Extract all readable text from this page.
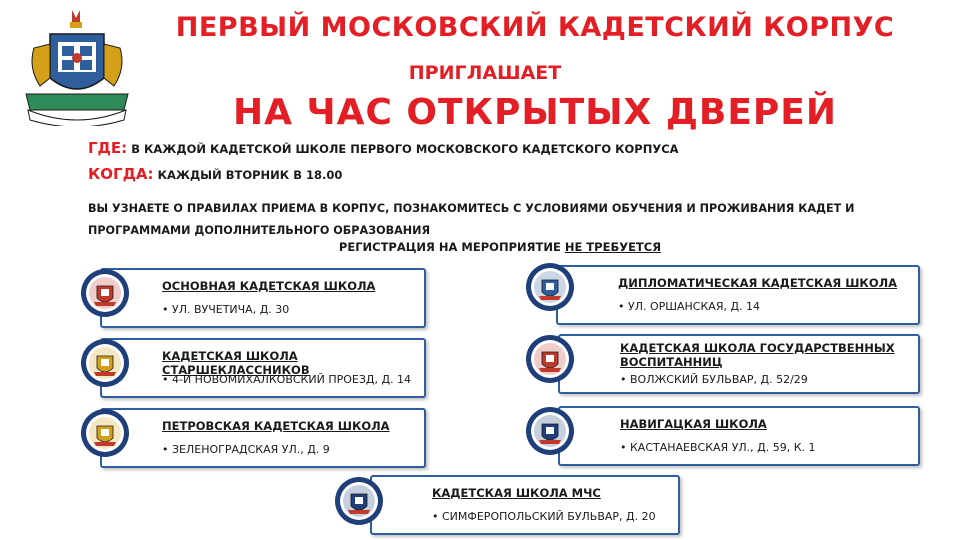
ПЕРВЫЙ МОСКОВСКИЙ КАДЕТСКИЙ КОРПУС
ПРИГЛАШАЕТ
НА ЧАС ОТКРЫТЫХ ДВЕРЕЙ
ГДЕ: В КАЖДОЙ КАДЕТСКОЙ ШКОЛЕ ПЕРВОГО МОСКОВСКОГО КАДЕТСКОГО КОРПУСА
КОГДА: КАЖДЫЙ ВТОРНИК В 18.00
ВЫ УЗНАЕТЕ О ПРАВИЛАХ ПРИЕМА В КОРПУС, ПОЗНАКОМИТЕСЬ С УСЛОВИЯМИ ОБУЧЕНИЯ И ПРОЖИВАНИЯ КАДЕТ И ПРОГРАММАМИ ДОПОЛНИТЕЛЬНОГО ОБРАЗОВАНИЯ
РЕГИСТРАЦИЯ НА МЕРОПРИЯТИЕ НЕ ТРЕБУЕТСЯ
ОСНОВНАЯ КАДЕТСКАЯ ШКОЛА
• УЛ. ВУЧЕТИЧА, Д. 30
ДИПЛОМАТИЧЕСКАЯ КАДЕТСКАЯ ШКОЛА
• УЛ. ОРШАНСКАЯ, Д. 14
КАДЕТСКАЯ ШКОЛА СТАРШЕКЛАССНИКОВ
• 4-Й НОВОМИХАЛКОВСКИЙ ПРОЕЗД, Д. 14
КАДЕТСКАЯ ШКОЛА ГОСУДАРСТВЕННЫХ ВОСПИТАННИЦ
• ВОЛЖСКИЙ БУЛЬВАР, Д. 52/29
ПЕТРОВСКАЯ КАДЕТСКАЯ ШКОЛА
• ЗЕЛЕНОГРАДСКАЯ УЛ., Д. 9
НАВИГАЦКАЯ ШКОЛА
• КАСТАНАЕВСКАЯ УЛ., Д. 59, К. 1
КАДЕТСКАЯ ШКОЛА МЧС
• СИМФЕРОПОЛЬСКИЙ БУЛЬВАР, Д. 20
